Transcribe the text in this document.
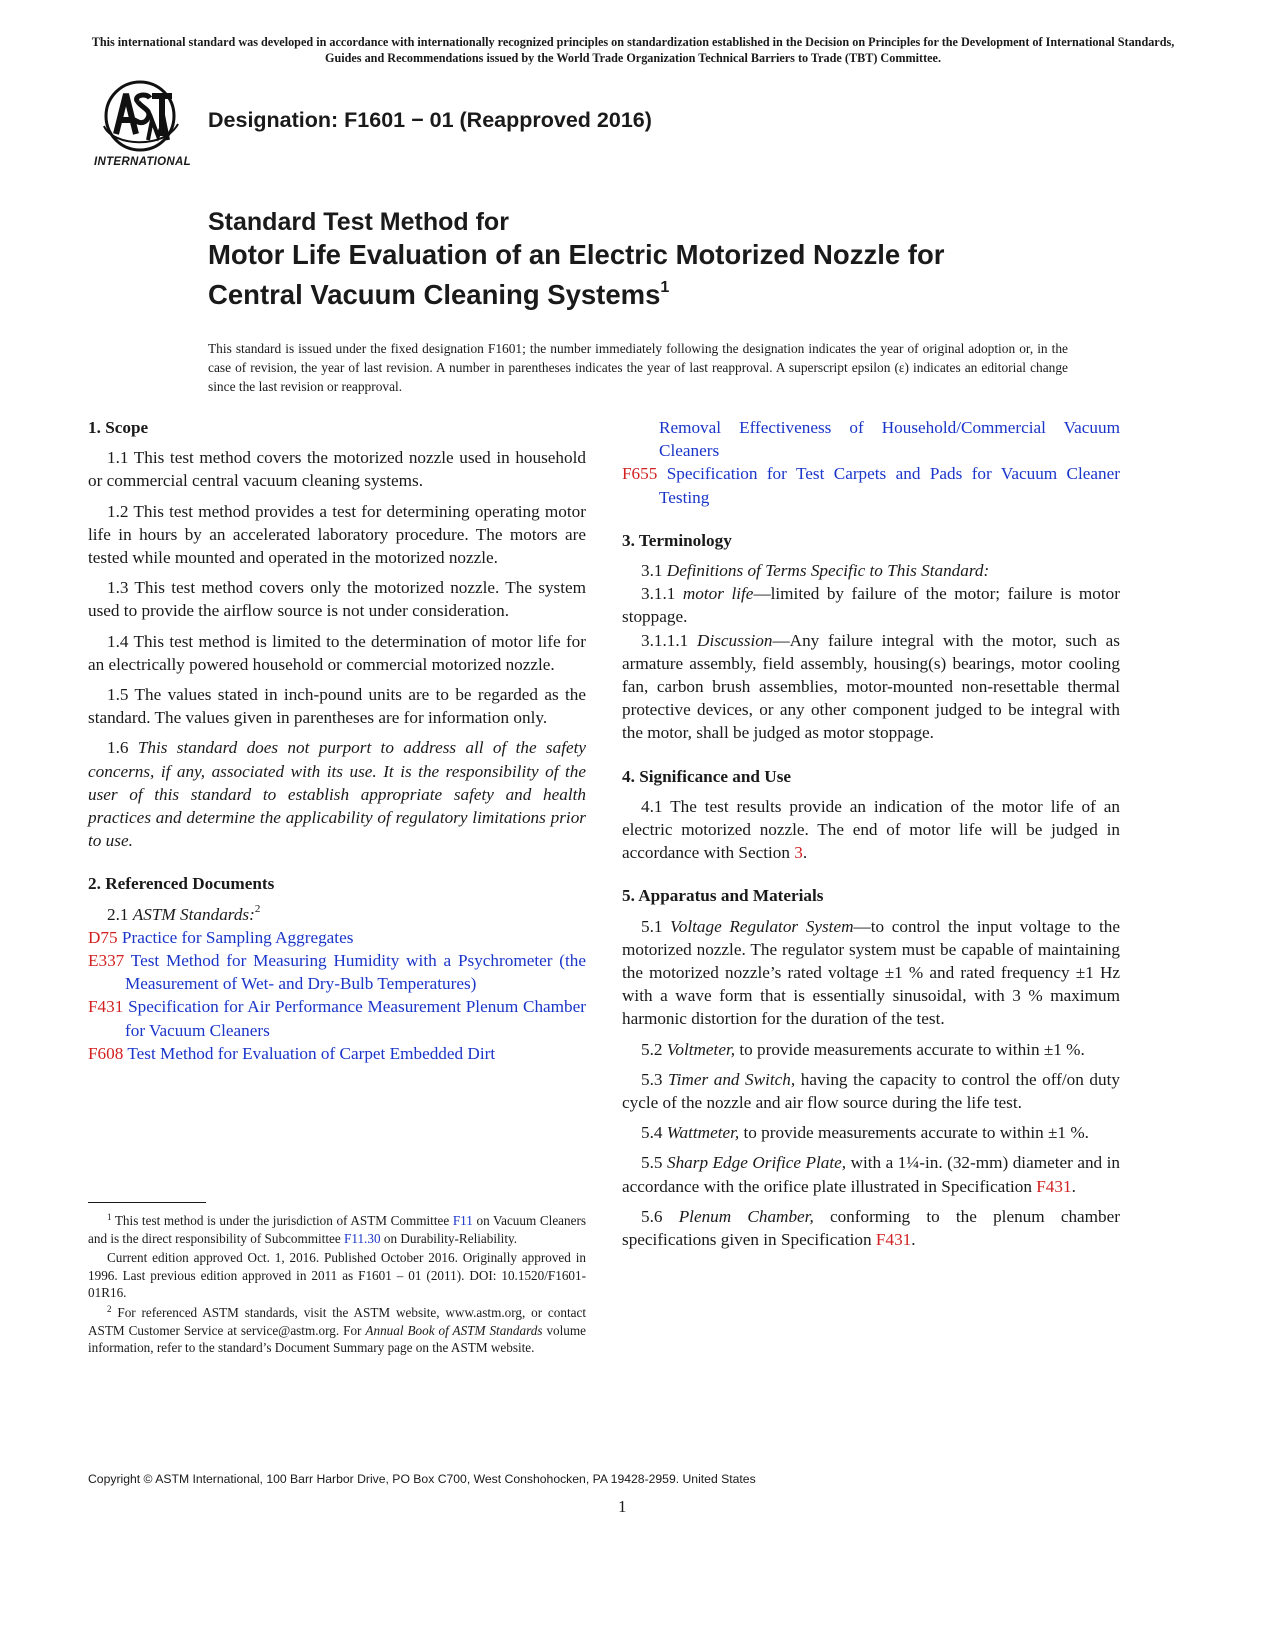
This international standard was developed in accordance with internationally recognized principles on standardization established in the Decision on Principles for the Development of International Standards, Guides and Recommendations issued by the World Trade Organization Technical Barriers to Trade (TBT) Committee.
INTERNATIONAL
Designation: F1601 − 01 (Reapproved 2016)
Standard Test Method for
Motor Life Evaluation of an Electric Motorized Nozzle for
Central Vacuum Cleaning Systems$^1$
This standard is issued under the fixed designation F1601; the number immediately following the designation indicates the year of original adoption or, in the case of revision, the year of last revision. A number in parentheses indicates the year of last reapproval. A superscript epsilon (ε) indicates an editorial change since the last revision or reapproval.

1. Scope

1.1 This test method covers the motorized nozzle used in household or commercial central vacuum cleaning systems.

1.2 This test method provides a test for determining operating motor life in hours by an accelerated laboratory procedure. The motors are tested while mounted and operated in the motorized nozzle.

1.3 This test method covers only the motorized nozzle. The system used to provide the airflow source is not under consideration.

1.4 This test method is limited to the determination of motor life for an electrically powered household or commercial motorized nozzle.

1.5 The values stated in inch-pound units are to be regarded as the standard. The values given in parentheses are for information only.

1.6 This standard does not purport to address all of the safety concerns, if any, associated with its use. It is the responsibility of the user of this standard to establish appropriate safety and health practices and determine the applicability of regulatory limitations prior to use.

2. Referenced Documents

2.1 ASTM Standards:$^2$

D75 Practice for Sampling Aggregates

E337 Test Method for Measuring Humidity with a Psychrometer (the Measurement of Wet- and Dry-Bulb Temperatures)

F431 Specification for Air Performance Measurement Plenum Chamber for Vacuum Cleaners

F608 Test Method for Evaluation of Carpet Embedded Dirt

$^1$ This test method is under the jurisdiction of ASTM Committee F11 on Vacuum Cleaners and is the direct responsibility of Subcommittee F11.30 on Durability-Reliability.

Current edition approved Oct. 1, 2016. Published October 2016. Originally approved in 1996. Last previous edition approved in 2011 as F1601 – 01 (2011). DOI: 10.1520/F1601-01R16.

$^2$ For referenced ASTM standards, visit the ASTM website, www.astm.org, or contact ASTM Customer Service at service@astm.org. For Annual Book of ASTM Standards volume information, refer to the standard’s Document Summary page on the ASTM website.

Removal Effectiveness of Household/Commercial Vacuum Cleaners

F655 Specification for Test Carpets and Pads for Vacuum Cleaner Testing

3. Terminology

3.1 Definitions of Terms Specific to This Standard:

3.1.1 motor life—limited by failure of the motor; failure is motor stoppage.

3.1.1.1 Discussion—Any failure integral with the motor, such as armature assembly, field assembly, housing(s) bearings, motor cooling fan, carbon brush assemblies, motor-mounted non-resettable thermal protective devices, or any other component judged to be integral with the motor, shall be judged as motor stoppage.

4. Significance and Use

4.1 The test results provide an indication of the motor life of an electric motorized nozzle. The end of motor life will be judged in accordance with Section 3.

5. Apparatus and Materials

5.1 Voltage Regulator System—to control the input voltage to the motorized nozzle. The regulator system must be capable of maintaining the motorized nozzle’s rated voltage ±1 % and rated frequency ±1 Hz with a wave form that is essentially sinusoidal, with 3 % maximum harmonic distortion for the duration of the test.

5.2 Voltmeter, to provide measurements accurate to within ±1 %.

5.3 Timer and Switch, having the capacity to control the off/on duty cycle of the nozzle and air flow source during the life test.

5.4 Wattmeter, to provide measurements accurate to within ±1 %.

5.5 Sharp Edge Orifice Plate, with a 1¼-in. (32-mm) diameter and in accordance with the orifice plate illustrated in Specification F431.

5.6 Plenum Chamber, conforming to the plenum chamber specifications given in Specification F431.

Copyright © ASTM International, 100 Barr Harbor Drive, PO Box C700, West Conshohocken, PA 19428-2959. United States
1
